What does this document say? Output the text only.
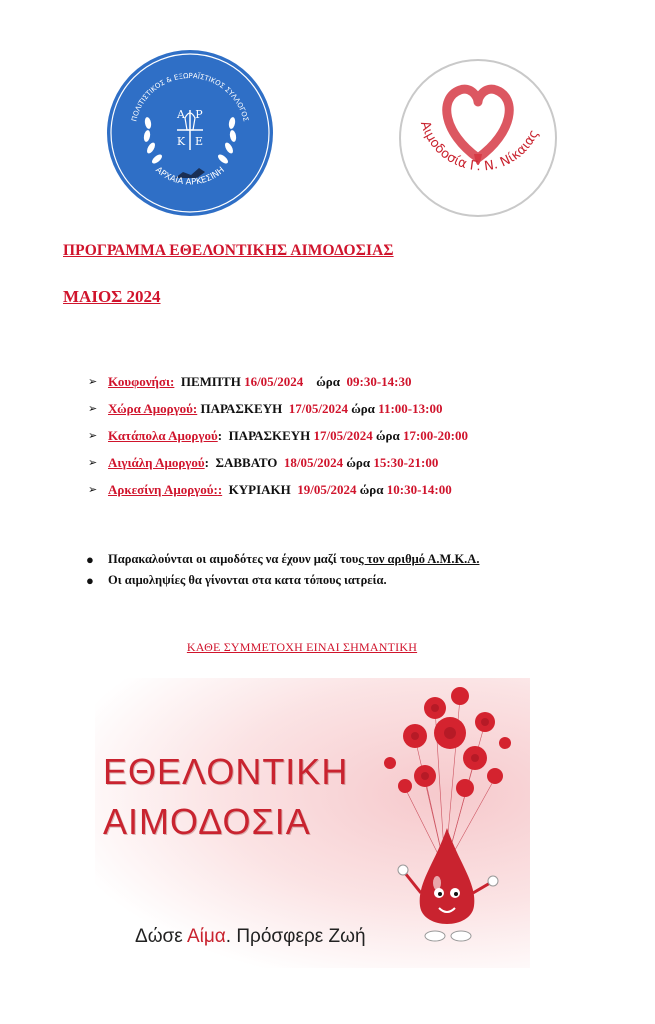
Α Ρ
Κ Ε
ΠΟΛΙΤΙΣΤΙΚΟΣ & ΕΞΩΡΑΪΣΤΙΚΟΣ ΣΥΛΛΟΓΟΣ
ΑΡΧΑΙΑ ΑΡΚΕΣΙΝΗ
Αιμοδοσία Γ. Ν. Νίκαιας
ΠΡΟΓΡΑΜΜΑ ΕΘΕΛΟΝΤΙΚΗΣ ΑΙΜΟΔΟΣΙΑΣ
ΜΑΙΟΣ 2024
➢ Κουφονήσι:
ΠΕΜΠΤΗ
16/05/2024
ώρα
09:30-14:30
➢ Χώρα Αμοργού:
ΠΑΡΑΣΚΕΥΗ
17/05/2024
ώρα
11:00-13:00
➢ Κατάπολα Αμοργού :
ΠΑΡΑΣΚΕΥΗ
17/05/2024
ώρα
17:00-20:00
➢ Αιγιάλη Αμοργού :
ΣΑΒΒΑΤΟ
18/05/2024
ώρα
15:30-21:00
➢ Αρκεσίνη Αμοργού: :
ΚΥΡΙΑΚΗ
19/05/2024
ώρα
10:30-14:00
●	Παρακαλούνται οι αιμοδότες να έχουν μαζί του ς τον αριθμό Α.Μ.Κ.Α.
●	Οι αιμοληψίες θα γίνονται στα κατα τόπους ιατρεία.
ΚΑΘΕ ΣΥΜΜΕΤΟΧΗ ΕΙΝΑΙ ΣΗΜΑΝΤΙΚΗ
ΕΘΕΛΟΝΤΙΚΗ
ΑΙΜΟΔΟΣΙΑ
Δώσε Αίμα. Πρόσφερε Ζωή
